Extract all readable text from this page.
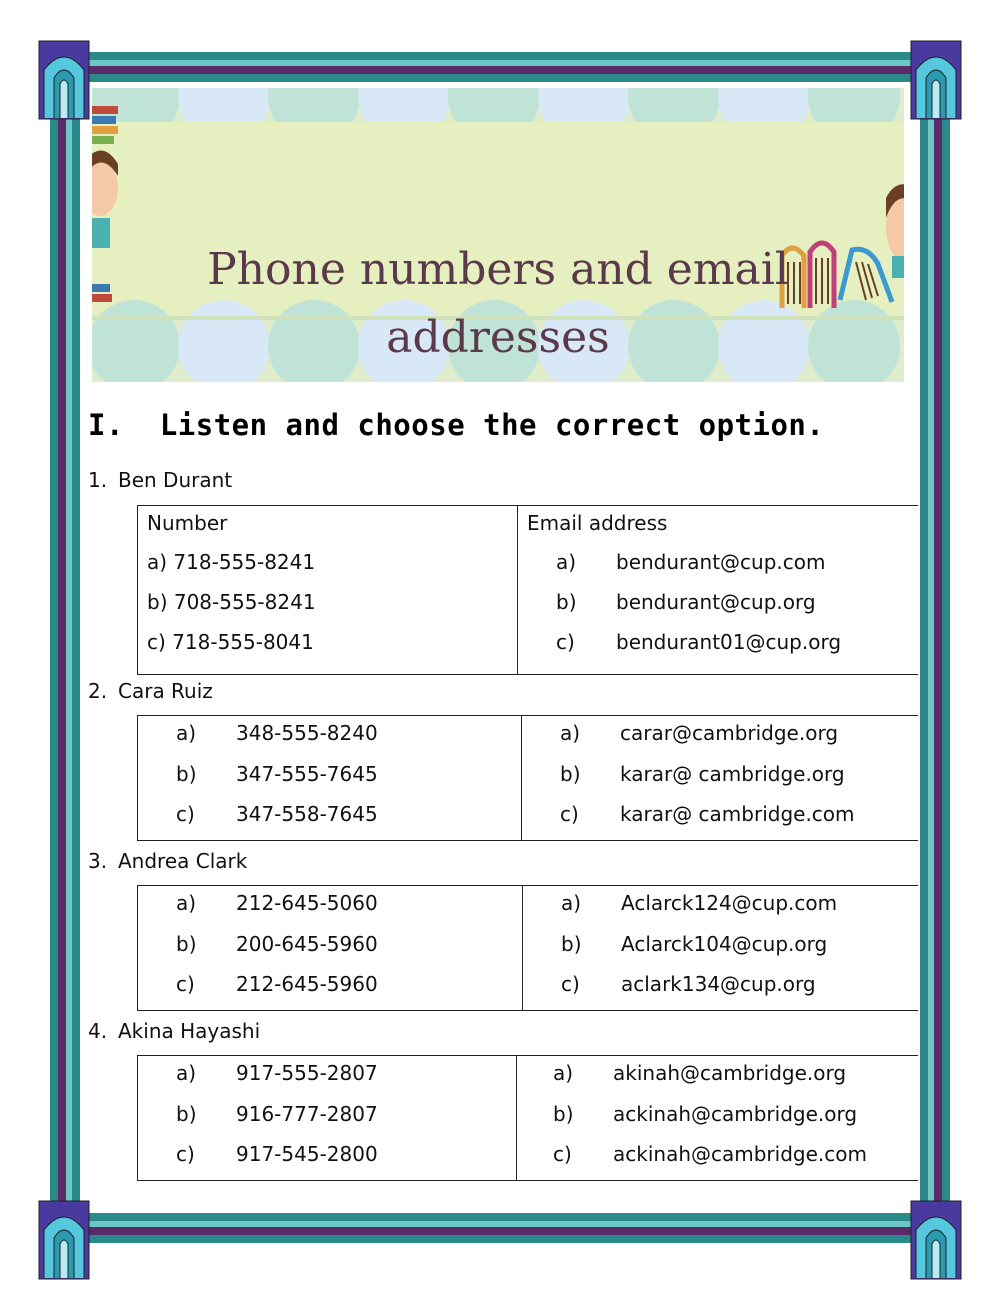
Phone numbers and email
addresses
I.  Listen and choose the correct option.
1. Ben Durant
Number
a) 718-555-8241
b) 708-555-8241
c) 718-555-8041

Email address
a) bendurant@cup.com
b) bendurant@cup.org
c) bendurant01@cup.org
2. Cara Ruiz
a) 348-555-8240
b) 347-555-7645
c) 347-558-7645

a) carar@cambridge.org
b) karar@ cambridge.org
c) karar@ cambridge.com
3. Andrea Clark
a) 212-645-5060
b) 200-645-5960
c) 212-645-5960

a) Aclarck124@cup.com
b) Aclarck104@cup.org
c) aclark134@cup.org
4. Akina Hayashi
a) 917-555-2807
b) 916-777-2807
c) 917-545-2800

a) akinah@cambridge.org
b) ackinah@cambridge.org
c) ackinah@cambridge.com
